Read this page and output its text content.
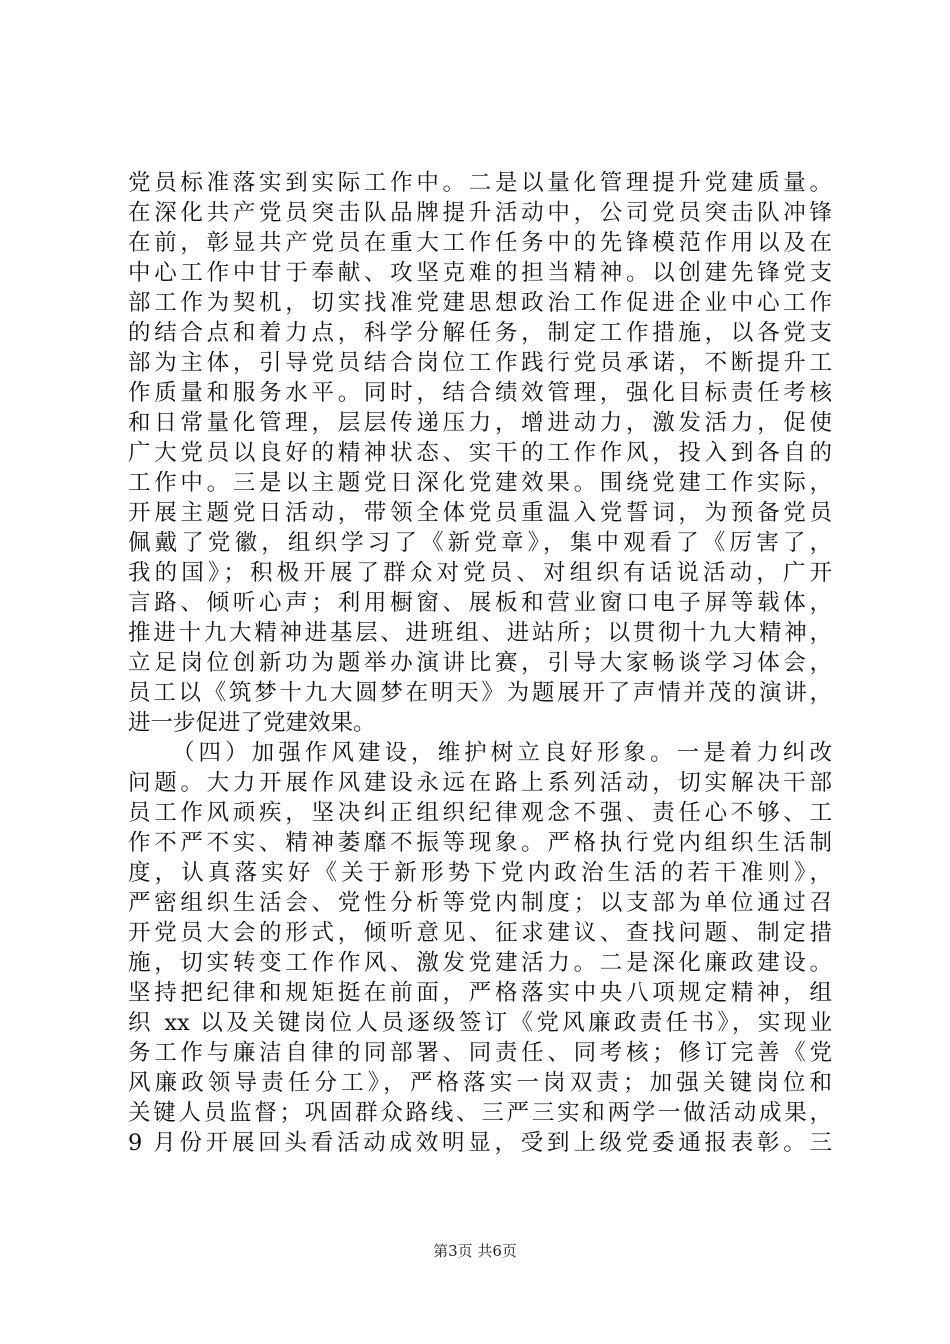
党员标准落实到实际工作中。二是以量化管理提升党建质量。
在深化共产党员突击队品牌提升活动中，公司党员突击队冲锋
在前，彰显共产党员在重大工作任务中的先锋模范作用以及在
中心工作中甘于奉献、攻坚克难的担当精神。以创建先锋党支
部工作为契机，切实找准党建思想政治工作促进企业中心工作
的结合点和着力点，科学分解任务，制定工作措施，以各党支
部为主体，引导党员结合岗位工作践行党员承诺，不断提升工
作质量和服务水平。同时，结合绩效管理，强化目标责任考核
和日常量化管理，层层传递压力，增进动力，激发活力，促使
广大党员以良好的精神状态、实干的工作作风，投入到各自的
工作中。三是以主题党日深化党建效果。围绕党建工作实际，
开展主题党日活动，带领全体党员重温入党誓词，为预备党员
佩戴了党徽，组织学习了《新党章》，集中观看了《厉害了，
我的国》；积极开展了群众对党员、对组织有话说活动，广开
言路、倾听心声；利用橱窗、展板和营业窗口电子屏等载体，
推进十九大精神进基层、进班组、进站所；以贯彻十九大精神，
立足岗位创新功为题举办演讲比赛，引导大家畅谈学习体会，
员工以《筑梦十九大圆梦在明天》为题展开了声情并茂的演讲，
进一步促进了党建效果。
（四）加强作风建设，维护树立良好形象。一是着力纠改
问题。大力开展作风建设永远在路上系列活动，切实解决干部
员工作风顽疾，坚决纠正组织纪律观念不强、责任心不够、工
作不严不实、精神萎靡不振等现象。严格执行党内组织生活制
度，认真落实好《关于新形势下党内政治生活的若干准则》，
严密组织生活会、党性分析等党内制度；以支部为单位通过召
开党员大会的形式，倾听意见、征求建议、查找问题、制定措
施，切实转变工作作风、激发党建活力。二是深化廉政建设。
坚持把纪律和规矩挺在前面，严格落实中央八项规定精神，组
织 xx 以及关键岗位人员逐级签订《党风廉政责任书》，实现业
务工作与廉洁自律的同部署、同责任、同考核；修订完善《党
风廉政领导责任分工》，严格落实一岗双责；加强关键岗位和
关键人员监督；巩固群众路线、三严三实和两学一做活动成果，
9 月份开展回头看活动成效明显，受到上级党委通报表彰。三
第3页 共6页
